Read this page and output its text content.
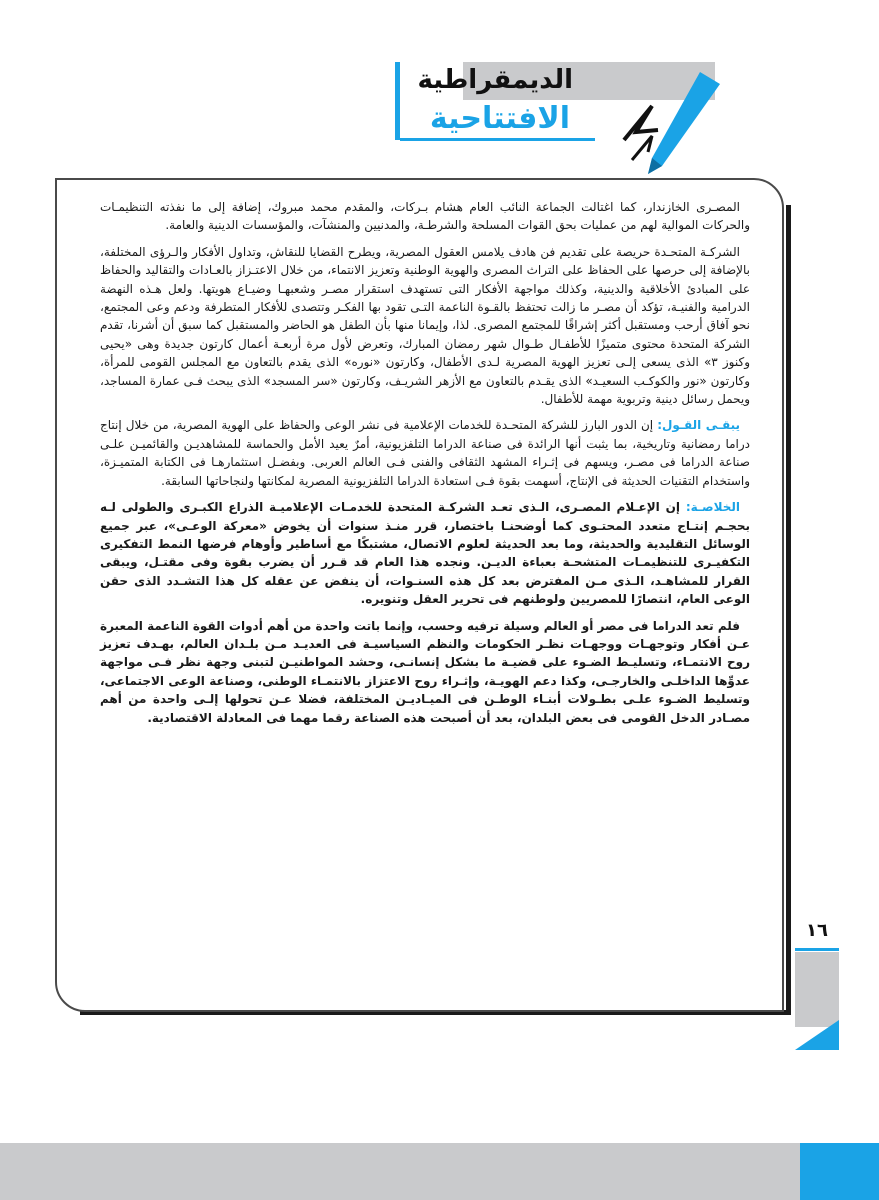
الديمقراطية
الافتتاحية

المصـرى الخازندار، كما اغتالت الجماعة النائب العام هشام بـركات، والمقدم محمد مبروك، إضافة إلى ما نفذته التنظيمـات والحركات الموالية لهم من عمليات بحق القوات المسلحة والشرطـة، والمدنيين والمنشآت، والمؤسسات الدينية والعامة.

الشركـة المتحـدة حريصة على تقديم فن هادف يلامس العقول المصرية، ويطرح القضايا للنقاش، وتداول الأفكار والـرؤى المختلفة، بالإضافة إلى حرصها على الحفاظ على التراث المصرى والهوية الوطنية وتعزيز الانتماء، من خلال الاعتـزاز بالعـادات والتقاليد والحفاظ على المبادئ الأخلاقية والدينية، وكذلك مواجهة الأفكار التى تستهدف استقرار مصـر وشعبهـا وضيـاع هويتها. ولعل هـذه النهضة الدرامية والفنيـة، تؤكد أن مصـر ما زالت تحتفظ بالقـوة الناعمة التـى تقود بها الفكـر وتتصدى للأفكار المتطرفة ودعم وعى المجتمع، نحو آفاق أرحب ومستقبل أكثر إشراقًا للمجتمع المصرى. لذا، وإيمانا منها بأن الطفل هو الحاضر والمستقبل كما سبق أن أشرنا، تقدم الشركة المتحدة محتوى متميزًا للأطفـال طـوال شهر رمضان المبارك، وتعرض لأول مرة أربعـة أعمال كارتون جديدة وهى «يحيى وكنوز ٣» الذى يسعى إلـى تعزيز الهوية المصرية لـدى الأطفال، وكارتون «نوره» الذى يقدم بالتعاون مع المجلس القومى للمرأة، وكارتون «نور والكوكـب السعيـد» الذى يقـدم بالتعاون مع الأزهر الشريـف، وكارتون «سر المسجد» الذى يبحث فـى عمارة المساجد، ويحمل رسائل دينية وتربوية مهمة للأطفال.

يبقـى القـول: إن الدور البارز للشركة المتحـدة للخدمات الإعلامية فى نشر الوعى والحفاظ على الهوية المصرية، من خلال إنتاج دراما رمضانية وتاريخية، بما يثبت أنها الرائدة فى صناعة الدراما التلفزيونية، أمرٌ يعيد الأمل والحماسة للمشاهديـن والقائميـن علـى صناعة الدراما فى مصـر، ويسهم فى إثـراء المشهد الثقافى والفنى فـى العالم العربى. وبفضـل استثمارهـا فى الكتابة المتميـزة، واستخدام التقنيات الحديثة فى الإنتاج، أسهمت بقوة فـى استعادة الدراما التلفزيونية المصرية لمكانتها ولنجاحاتها السابقة.

الخلاصـة: إن الإعـلام المصـرى، الـذى تعـد الشركـة المتحدة للخدمـات الإعلاميـة الذراع الكبـرى والطولى لـه بحجـم إنتـاج متعدد المحتـوى كما أوضحنـا باختصار، قرر منـذ سنوات أن يخوض «معركة الوعـى»، عبر جميع الوسائل التقليدية والحديثة، وما بعد الحديثة لعلوم الاتصال، مشتبكًا مع أساطير وأوهام فرضها النمط التفكيرى التكفيـرى للتنظيمـات المتشحـة بعباءة الديـن. ونجده هذا العام قد قـرر أن يضرب بقوة وفى مقتـل، ويبقى القرار للمشاهـد، الـذى مـن المفترض بعد كل هذه السنـوات، أن ينفض عن عقله كل هذا التشـدد الذى حقن الوعى العام، انتصارًا للمصريين ولوطنهم فى تحرير العقل وتنويره.

فلم تعد الدراما فى مصر أو العالم وسيلة ترفيه وحسب، وإنما باتت واحدة من أهم أدوات القوة الناعمة المعبرة عـن أفكار وتوجهـات ووجهـات نظـر الحكومات والنظم السياسيـة فى العديـد مـن بلـدان العالم، بهـدف تعزيز روح الانتمـاء، وتسليـط الضـوء على قضيـة ما بشكل إنسانـى، وحشد المواطنيـن لتبنى وجهة نظر فـى مواجهة عدوِّها الداخلـى والخارجـى، وكذا دعم الهويـة، وإثـراء روح الاعتزاز بالانتمـاء الوطنى، وصناعة الوعى الاجتماعى، وتسليط الضـوء علـى بطـولات أبنـاء الوطـن فى الميـاديـن المختلفة، فضلا عـن تحولها إلـى واحدة من أهم مصـادر الدخل القومى فى بعض البلدان، بعد أن أصبحت هذه الصناعة رقما مهما فى المعادلة الاقتصادية.

١٦
